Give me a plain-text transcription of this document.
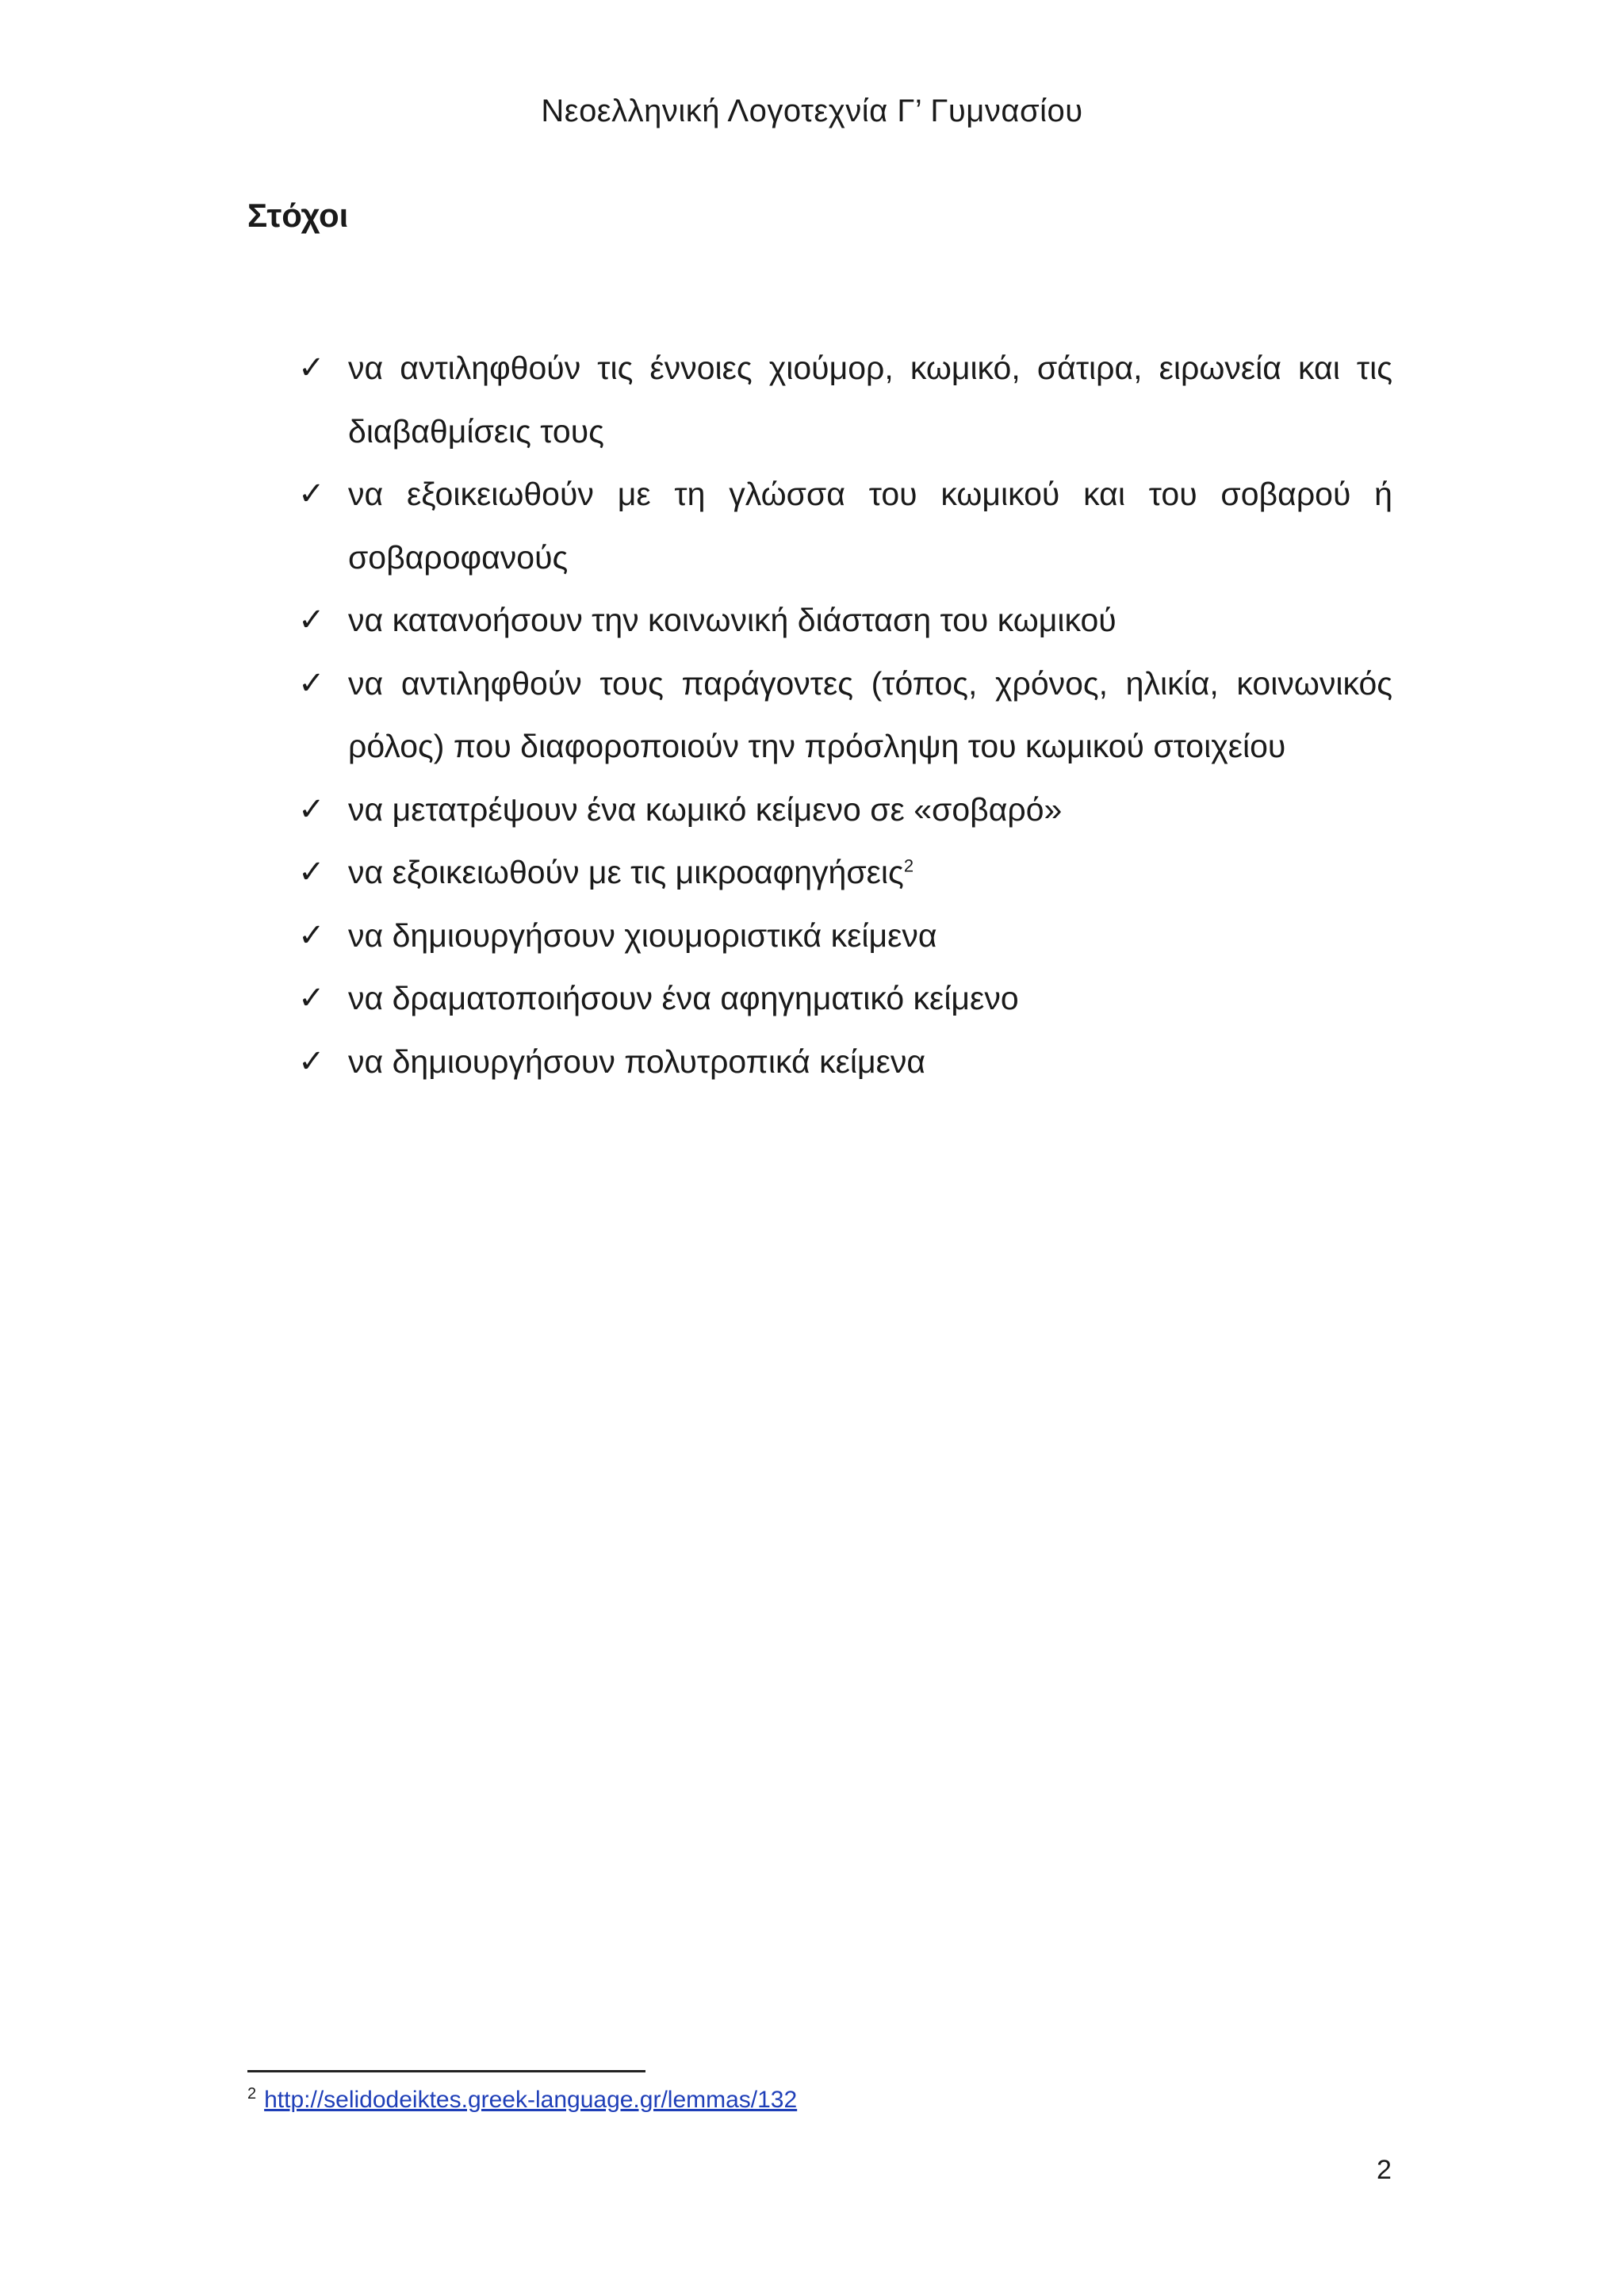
Νεοελληνική Λογοτεχνία Γ’ Γυμνασίου
Στόχοι
✓ να αντιληφθούν τις έννοιες χιούμορ, κωμικό, σάτιρα, ειρωνεία και τις διαβαθμίσεις τους
✓ να εξοικειωθούν με τη γλώσσα του κωμικού και του σοβαρού ή σοβαροφανούς
✓ να κατανοήσουν την κοινωνική διάσταση του κωμικού
✓ να αντιληφθούν τους παράγοντες (τόπος, χρόνος, ηλικία, κοινωνικός ρόλος) που διαφοροποιούν την πρόσληψη του κωμικού στοιχείου
✓ να μετατρέψουν ένα κωμικό κείμενο σε «σοβαρό»
✓ να εξοικειωθούν με τις μικροαφηγήσεις$^2$
✓ να δημιουργήσουν χιουμοριστικά κείμενα
✓ να δραματοποιήσουν ένα αφηγηματικό κείμενο
✓ να δημιουργήσουν πολυτροπικά κείμενα
$^2$ http://selidodeiktes.greek-language.gr/lemmas/132
2
